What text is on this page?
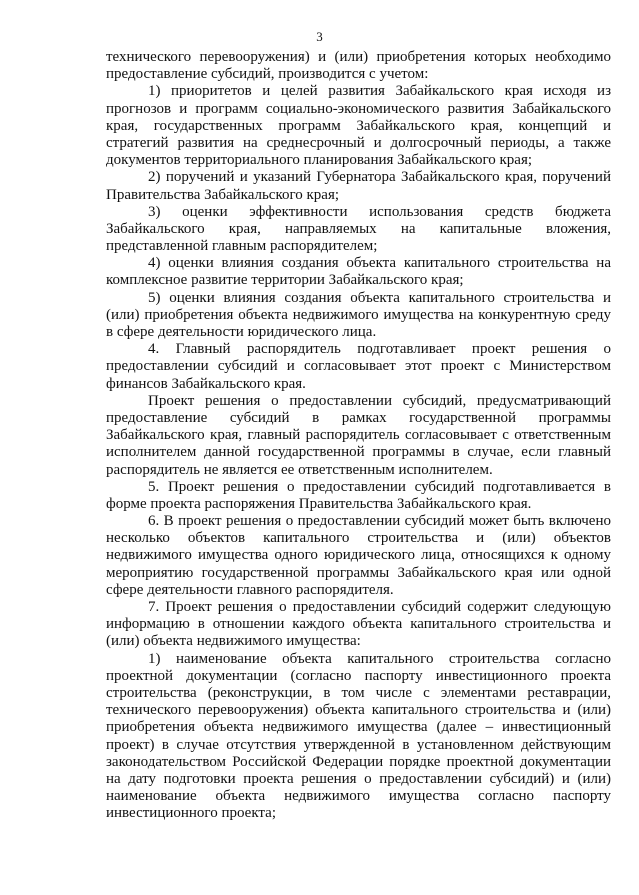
3
технического перевооружения) и (или) приобретения которых необходимо
предоставление субсидий, производится с учетом:
1) приоритетов и целей развития Забайкальского края исходя из
прогнозов и программ социально-экономического развития Забайкальского
края, государственных программ Забайкальского края, концепций и
стратегий развития на среднесрочный и долгосрочный периоды, а также
документов территориального планирования Забайкальского края;
2) поручений и указаний Губернатора Забайкальского края, поручений
Правительства Забайкальского края;
3) оценки эффективности использования средств бюджета
Забайкальского края, направляемых на капитальные вложения,
представленной главным распорядителем;
4) оценки влияния создания объекта капитального строительства на
комплексное развитие территории Забайкальского края;
5) оценки влияния создания объекта капитального строительства и
(или) приобретения объекта недвижимого имущества на конкурентную среду
в сфере деятельности юридического лица.
4. Главный распорядитель подготавливает проект решения о
предоставлении субсидий и согласовывает этот проект с Министерством
финансов Забайкальского края.
Проект решения о предоставлении субсидий, предусматривающий
предоставление субсидий в рамках государственной программы
Забайкальского края, главный распорядитель согласовывает с ответственным
исполнителем данной государственной программы в случае, если главный
распорядитель не является ее ответственным исполнителем.
5. Проект решения о предоставлении субсидий подготавливается в
форме проекта распоряжения Правительства Забайкальского края.
6. В проект решения о предоставлении субсидий может быть включено
несколько объектов капитального строительства и (или) объектов
недвижимого имущества одного юридического лица, относящихся к одному
мероприятию государственной программы Забайкальского края или одной
сфере деятельности главного распорядителя.
7. Проект решения о предоставлении субсидий содержит следующую
информацию в отношении каждого объекта капитального строительства и
(или) объекта недвижимого имущества:
1) наименование объекта капитального строительства согласно
проектной документации (согласно паспорту инвестиционного проекта
строительства (реконструкции, в том числе с элементами реставрации,
технического перевооружения) объекта капитального строительства и (или)
приобретения объекта недвижимого имущества (далее – инвестиционный
проект) в случае отсутствия утвержденной в установленном действующим
законодательством Российской Федерации порядке проектной документации
на дату подготовки проекта решения о предоставлении субсидий) и (или)
наименование объекта недвижимого имущества согласно паспорту
инвестиционного проекта;
